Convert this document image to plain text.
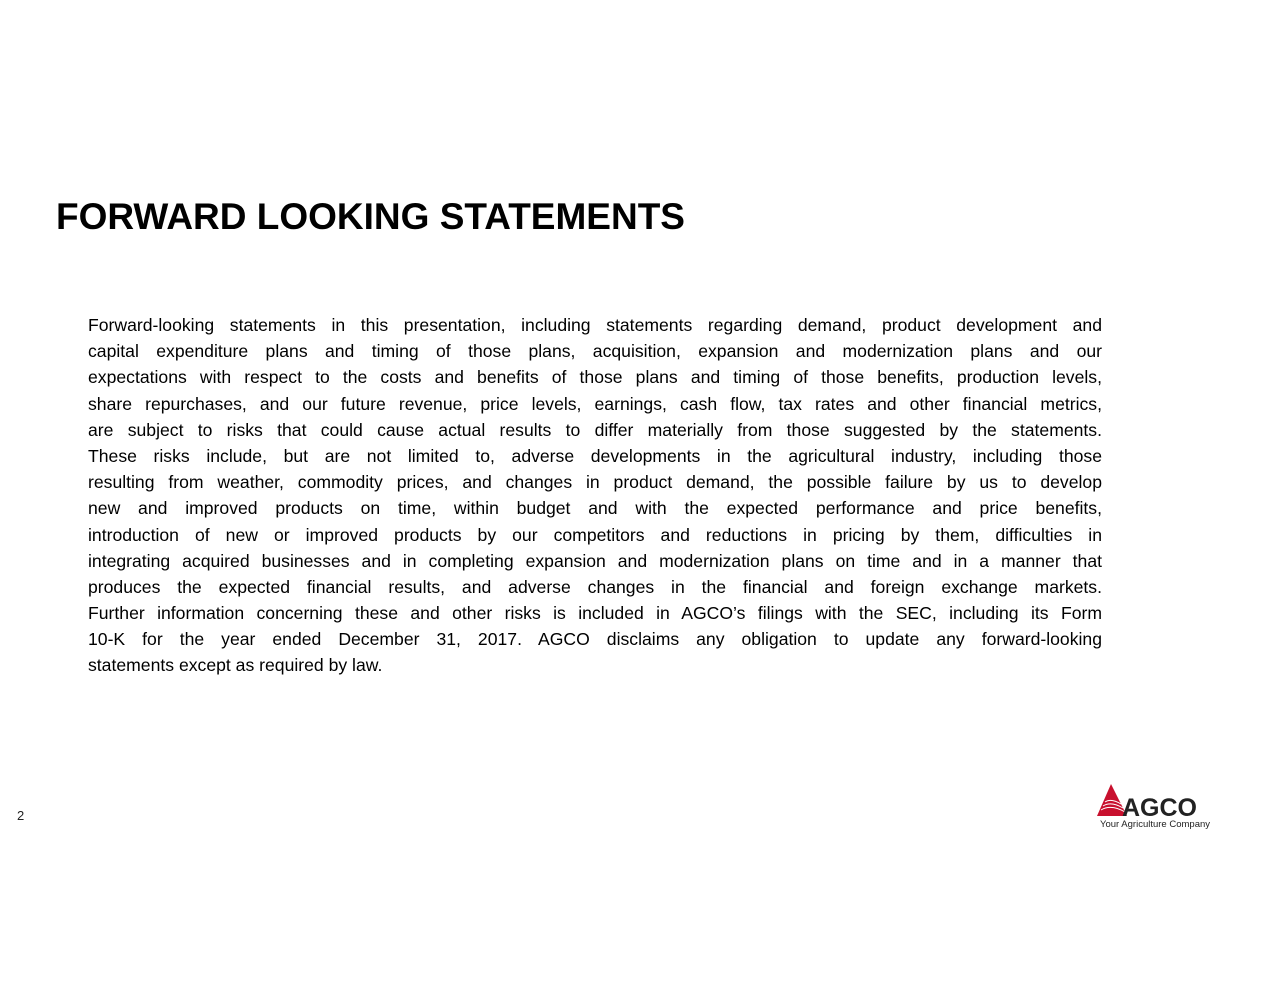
FORWARD LOOKING STATEMENTS
Forward-looking statements in this presentation, including statements regarding demand, product development and
capital expenditure plans and timing of those plans, acquisition, expansion and modernization plans and our
expectations with respect to the costs and benefits of those plans and timing of those benefits, production levels,
share repurchases, and our future revenue, price levels, earnings, cash flow, tax rates and other financial metrics,
are subject to risks that could cause actual results to differ materially from those suggested by the statements.
These risks include, but are not limited to, adverse developments in the agricultural industry, including those
resulting from weather, commodity prices, and changes in product demand, the possible failure by us to develop
new and improved products on time, within budget and with the expected performance and price benefits,
introduction of new or improved products by our competitors and reductions in pricing by them, difficulties in
integrating acquired businesses and in completing expansion and modernization plans on time and in a manner that
produces the expected financial results, and adverse changes in the financial and foreign exchange markets.
Further information concerning these and other risks is included in AGCO’s filings with the SEC, including its Form
10-K for the year ended December 31, 2017. AGCO disclaims any obligation to update any forward-looking
statements except as required by law.
2	AGCO
Your Agriculture Company
